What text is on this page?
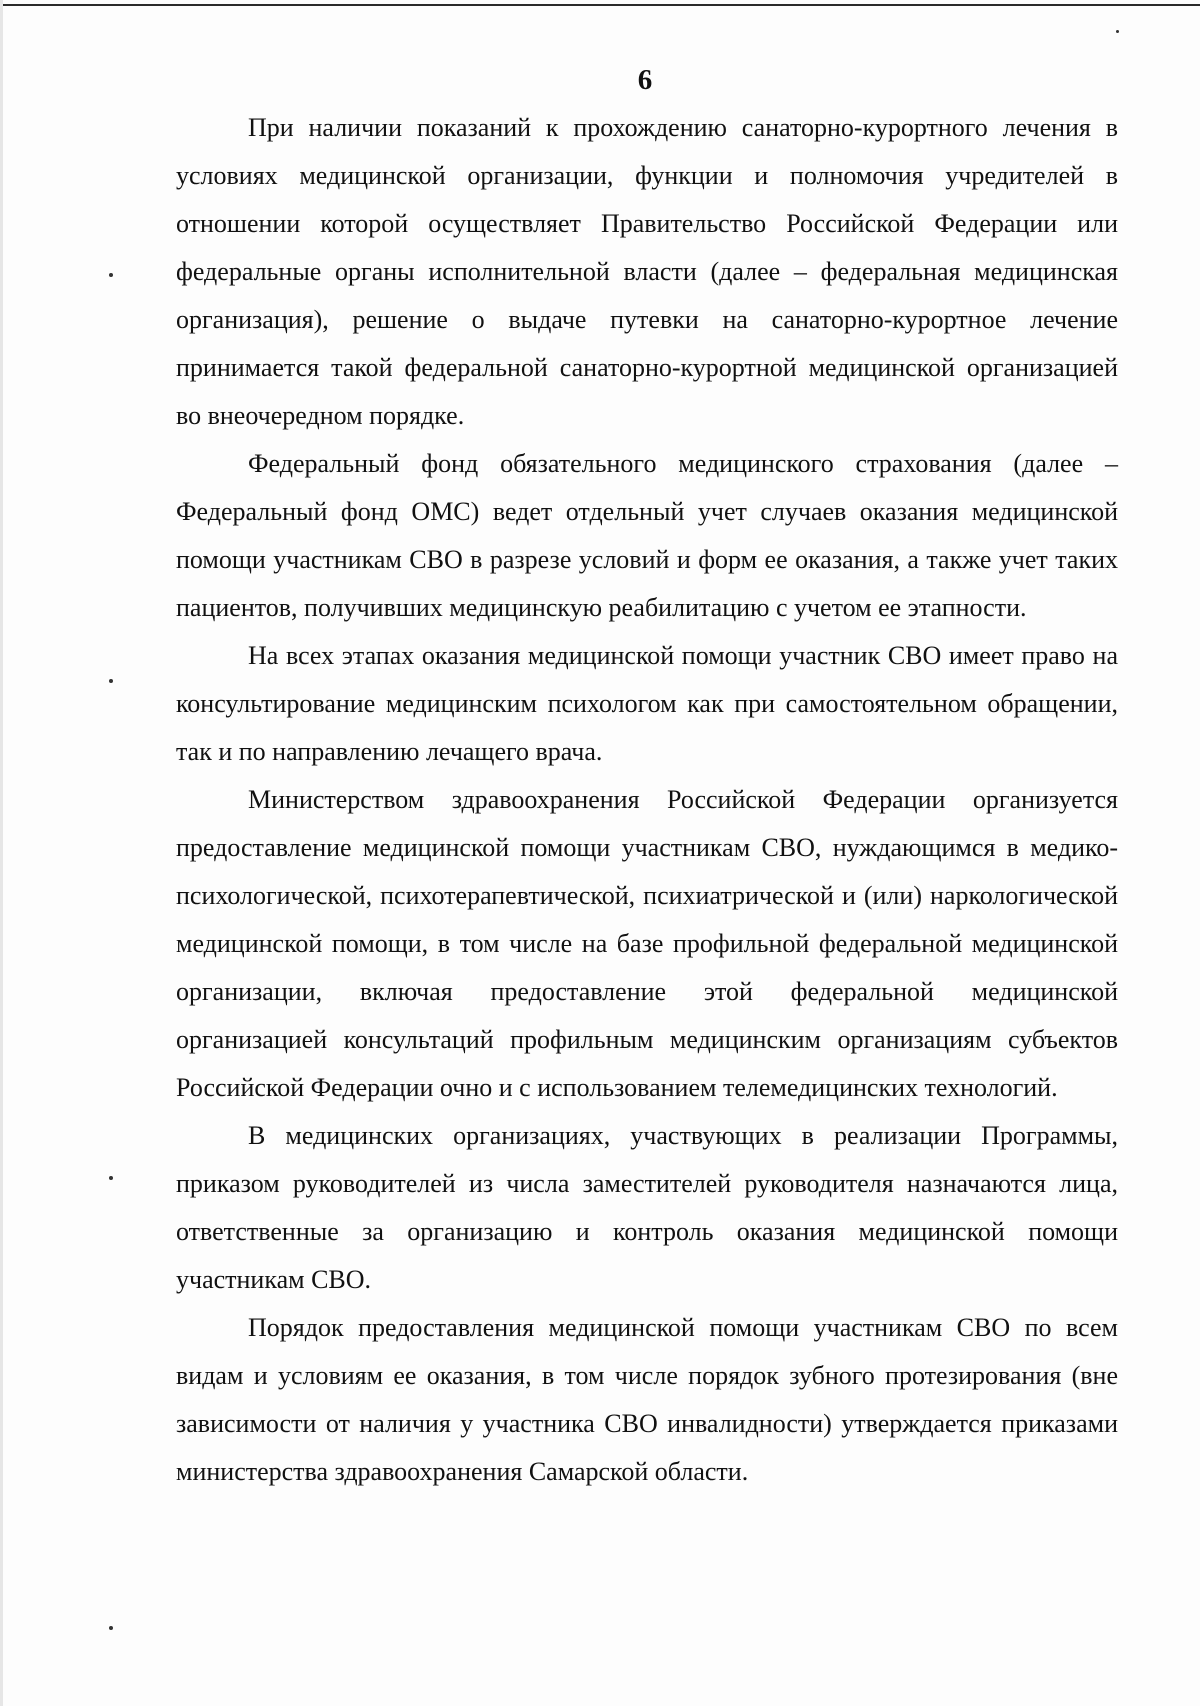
6

При наличии показаний к прохождению санаторно-курортного лечения в условиях медицинской организации, функции и полномочия учредителей в отношении которой осуществляет Правительство Российской Федерации или федеральные органы исполнительной власти (далее – федеральная медицинская организация), решение о выдаче путевки на санаторно-курортное лечение принимается такой федеральной санаторно-курортной медицинской организацией во внеочередном порядке.

Федеральный фонд обязательного медицинского страхования (далее – Федеральный фонд ОМС) ведет отдельный учет случаев оказания медицинской помощи участникам СВО в разрезе условий и форм ее оказания, а также учет таких пациентов, получивших медицинскую реабилитацию с учетом ее этапности.

На всех этапах оказания медицинской помощи участник СВО имеет право на консультирование медицинским психологом как при самостоятельном обращении, так и по направлению лечащего врача.

Министерством здравоохранения Российской Федерации организуется предоставление медицинской помощи участникам СВО, нуждающимся в медико-психологической, психотерапевтической, психиатрической и (или) наркологической медицинской помощи, в том числе на базе профильной федеральной медицинской организации, включая предоставление этой федеральной медицинской организацией консультаций профильным медицинским организациям субъектов Российской Федерации очно и с использованием телемедицинских технологий.

В медицинских организациях, участвующих в реализации Программы, приказом руководителей из числа заместителей руководителя назначаются лица, ответственные за организацию и контроль оказания медицинской помощи участникам СВО.

Порядок предоставления медицинской помощи участникам СВО по всем видам и условиям ее оказания, в том числе порядок зубного протезирования (вне зависимости от наличия у участника СВО инвалидности) утверждается приказами министерства здравоохранения Самарской области.
